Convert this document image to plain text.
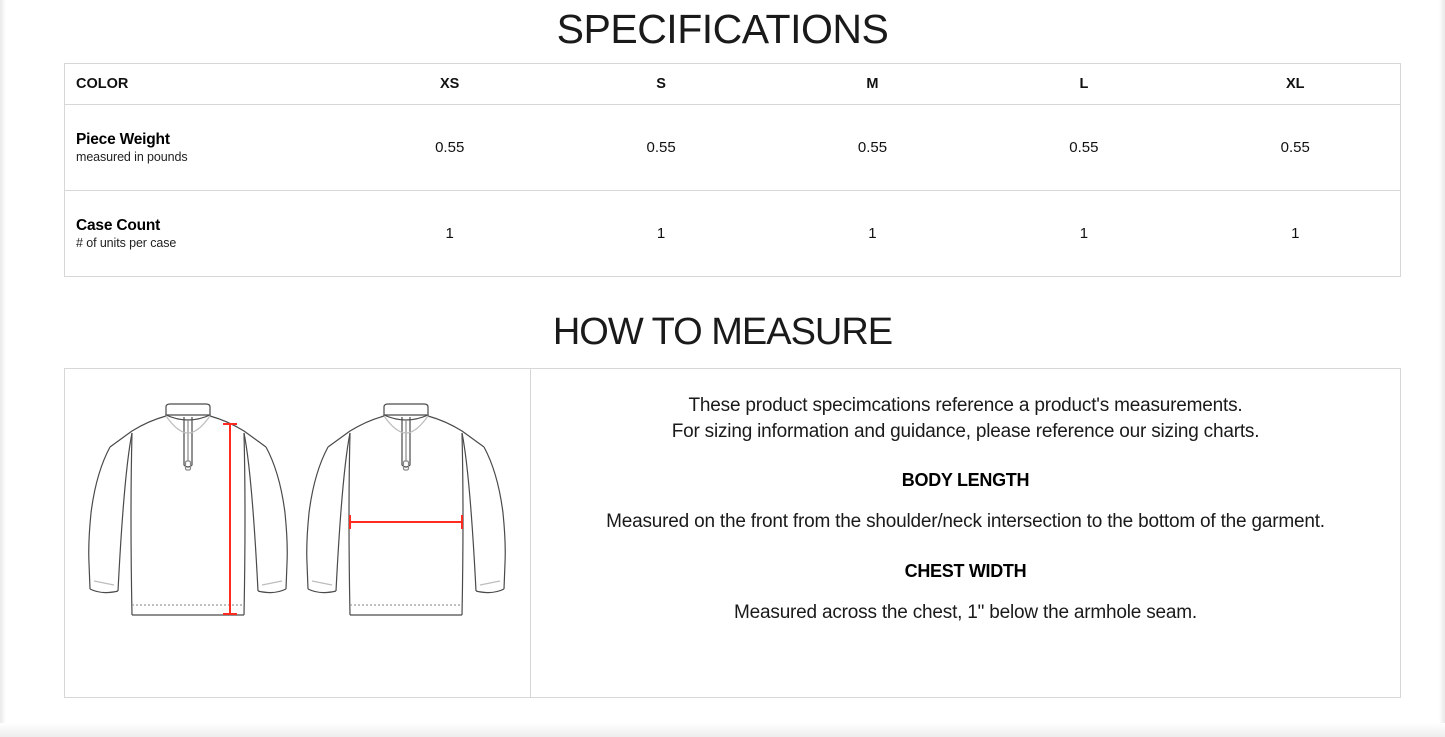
SPECIFICATIONS
COLOR	XS	S	M	L	XL

Piece Weight
measured in pounds	0.55	0.55	0.55	0.55	0.55

Case Count
# of units per case	1	1	1	1	1
HOW TO MEASURE
These product specimcations reference a product's measurements.
For sizing information and guidance, please reference our sizing charts.
BODY LENGTH
Measured on the front from the shoulder/neck intersection to the bottom of the garment.
CHEST WIDTH
Measured across the chest, 1" below the armhole seam.
